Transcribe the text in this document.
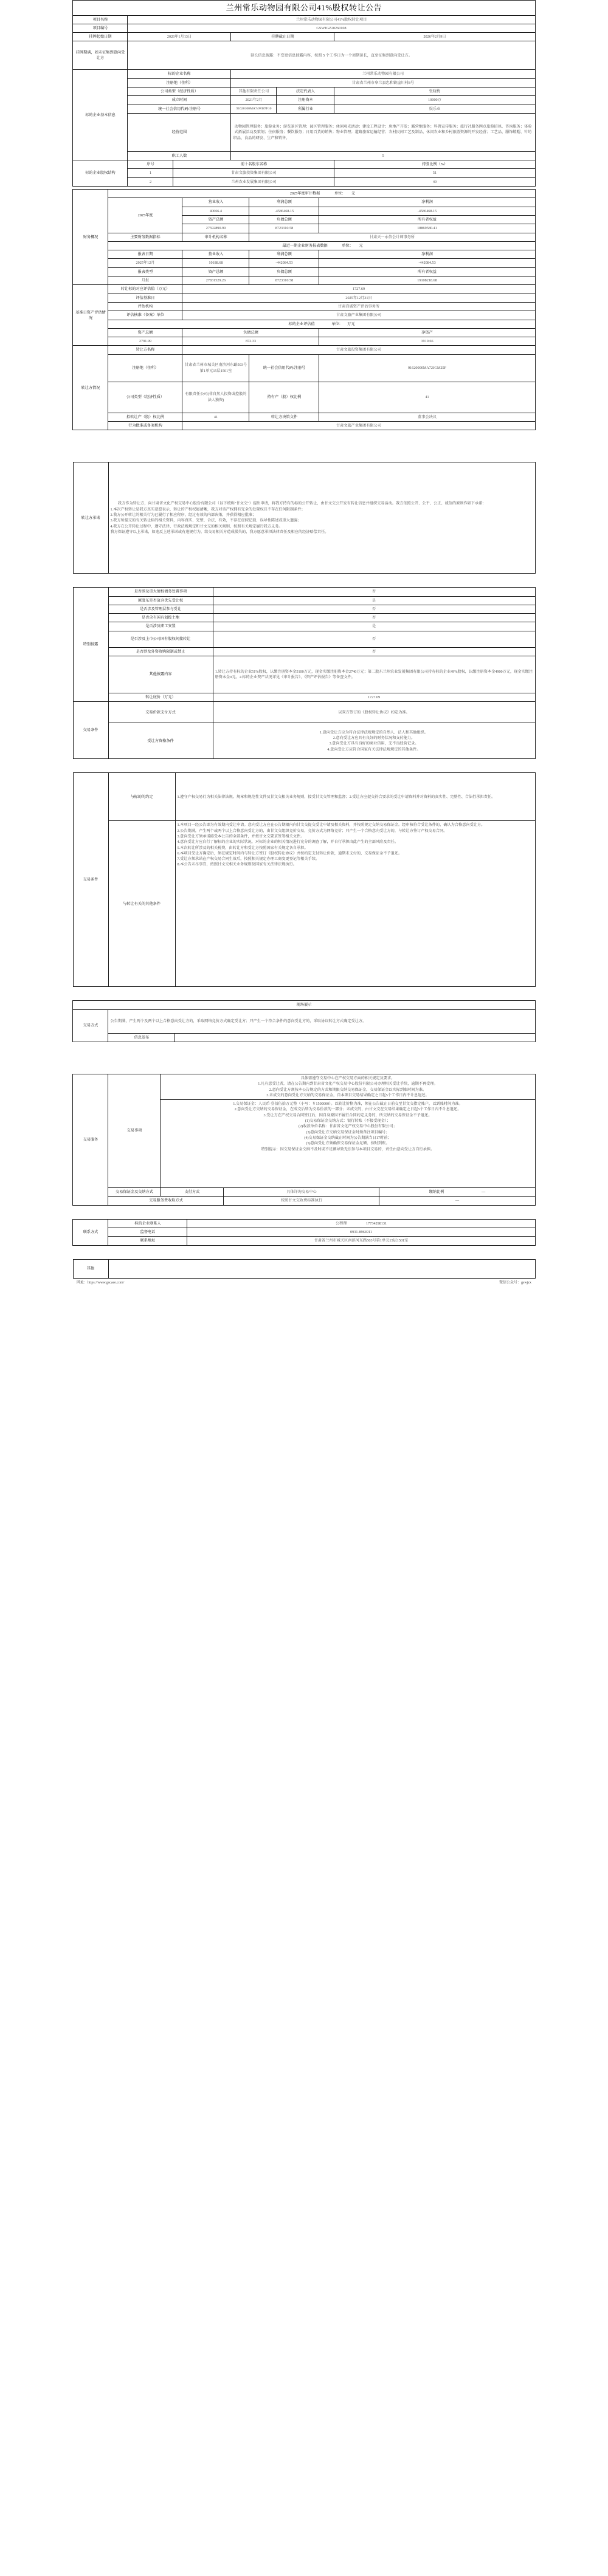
兰州常乐动物园有限公司41%股权转让公告					
项目名称	兰州常乐动物园有限公司41%股权转让项目				
项目编号	GSWJGZ20260108				
挂牌起始日期	2026年1月13日		挂牌截止日期		2026年2月9日
挂牌期满，如未征集到意向受让方	延长信息披露：不变更信息披露内容，按照 5 个工作日为一个周期延长，直至征集到意向受让方。				
标的企业基本信息	标的企业名称		兰州常乐动物园有限公司		
	注册地（住所）		甘肃省兰州市皋兰县忠和镇崖川村8号		
	公司类型（经济性质）		其他有限责任公司	法定代表人	张晓梅
	成立时间		2021年2月	注册资本	10000万
	统一社会信用代码/注册号		91620100MA74WH7F10	所属行业	娱乐业
	经营范围		动物园管理服务；旅游业务；游览景区管理；园区管理服务；休闲观光活动；建设工程设计；房地产开发；露营地服务；科普宣传服务；旅行社服务网点旅游招徕、咨询服务；体验式拓展活动及策划；住宿服务；餐饮服务；日用百货的销售；物业管理；道路旅客运输经营；农村民间工艺及制品、休闲农业和乡村旅游资源的开发经营；工艺品、服饰鞋帽、针纺织品、食品的研发、生产和销售。		
	职工人数		5		
标的企业股权结构	序号	前十名股东名称			持股比例（%）
	1	甘肃文旅投资集团有限公司			51
	2	兰州农业发展集团有限公司			49
财务概况	2025年度审计数据 单位： 元			
	2025年度	营业收入	利润总额	净利润
		40666.4	-4586468.15	-4586468.15
		资产总额	负债总额	所有者权益
		27592890.99	8723310.58	18869580.41
	主要财务数据指标	审计机构名称	甘肃天一永信会计师事务所	
	最近一期企业财务报表数据 单位： 元			
	报表日期	营业收入	利润总额	净利润
	2025年12月	10188.68	-442084.53	-442084.53
	报表类型	资产总额	负债总额	所有者权益
	月报	27831529.26	8723310.58	19108218.68
基准日资产评估情况	转让标的对应评估值（万元）	1727.69		
	评估基准日	2025年12月31日		
	评估机构	甘肃百诚资产评估事务所		
	评估核准（备案）单位	甘肃文旅产业集团有限公司		
	标的企业评估值 单位： 万元			
	资产总额	负债总额		净资产
	2791.99	872.33		1919.66
转让方情况	转让方名称	甘肃文旅投资集团有限公司		
	注册地（住所）	甘肃省兰州市城关区南滨河东路503号第1单元15层1501室	统一社会信用代码/注册号	91620000MA72JGM25F
	公司类型（经济性质）	有限责任公司(非自然人投资或控股的法人独资)	持有产（股）权比例	41
	拟转让产（股）权比例	41	转让方决策文件	董事会决议
	行为批准或备案机构	甘肃文旅产业集团有限公司		
转让方承诺	
我方作为转让方，向甘肃省文化产权交易中心股份有限公司（以下统称“甘文交”）提出申请，将我方持有的标的公开转让，由甘文交公开发布转让信息并组织交易活动。我方依照公开、公平、公正、诚信的原则作如下承诺：
1.本次产权转让是我方真实意愿表示，转让的产权权属清晰，我方对该产权拥有完全的处置权且不存在任何限制条件；
2.我方公开转让的相关行为已履行了相应程序，经过有效的内部决策，并获得相应批准；
3.我方所提交的有关转让标的相关资料，内容真实、完整、合法、有效，不存在虚假记载、误导性陈述或重大遗漏；
4.我方在公开转让过程中，遵守法律、行政法规规定和甘文交的相关规则，按照有关规定履行我方义务。
我方保证遵守以上承诺，如违反上述承诺或有违规行为，给交易相关方造成损失的，我方愿意承担法律责任及相应的经济赔偿责任。
特别披露	是否涉及重大债权债务处置事项	否
	原股东是否放弃优先受让权	是
	是否涉及管理层参与受让	否
	是否含有国有划拨土地	否
	是否涉及职工安置	是
	是否涉及上市公司国有股权间接转让	否
	是否涉及外资收购限制或禁止	否
	其他披露内容	1.转让方持有标的企业51%股权，认缴注册资本金5100万元，现金实缴注册资本金2740万元；第二股东兰州农业发展集团有限公司持有标的企业49%股权，认缴注册资本金4900万元，现金实缴注册资本金0元。2.标的企业资产状况详见《审计报告》、《资产评估报告》等备查文件。
	转让底价（万元）	1727.69
交易条件	交易价款支付方式	以双方签订的《股权转让协议》约定为准。
	受让方资格条件	1.意向受让方应为符合法律法规规定的自然人、法人和其他组织。
2.意向受让方应具有良好的财务状况和支付能力。
3.意向受让方具有良好的商业信用，无不良经营记录。
4.意向受让方应符合国家有关法律法规规定的其他条件。
交易条件	与标的的约定	1.遵守产权交易行为相关法律法规、规章和规范性文件及甘文交相关业务规则，接受甘文交管理和监督；2.受让方应提交符合要求的受让申请资料并对资料的真实性、完整性、合法性承担责任。
与转让有关的其他条件	
1.本项目一经公告即为有效期内受让申请。意向受让方应在公告期限内向甘文交提交受让申请及相关资料，并按照规定交纳交易保证金。经审核符合受让条件的，确认为合格意向受让方。
2.公告期满，产生两个或两个以上合格意向受让方的，由甘文交组织竞价交易，竞价方式为网络竞价；只产生一个合格意向受让方的，与转让方签订产权交易合同。
3.意向受让方须承诺接受本公告的全部条件，并按甘文交要求签署相关文件。
4.意向受让方应自行了解标的企业的实际状况，对标的企业的相关情况进行充分的调查了解，并自行承担由此产生的全部风险及责任。
5.本次转让所涉及的相关税费，由转让方和受让方按照国家有关规定各自承担。
6.本项目受让方确定后，须在规定时间内与转让方签订《股权转让协议》并按约定支付转让价款，逾期未支付的，交易保证金不予退还。
7.受让方须承诺在产权交易合同生效后，按照相关规定办理工商变更登记等相关手续。
8.本公告未尽事宜，按照甘文交相关业务规则及国家有关法律法规执行。
现场展示		
交易方式	公告期满，产生两个及两个以上合格意向受让方的，采取网络竞价方式确定受让方；只产生一个符合条件的意向受让方的，采取协议转让方式确定受让方。	
	信息发布	
交易服务	交易事项	具体需遵守交易中心在产权交易方面的相关规定及要求。
1.凡有意受让者，请在公告期内到甘肃省文化产权交易中心股份有限公司办理相关受让手续，逾期不再受理。
2.意向受让方须按本公告规定的方式和期限交纳交易保证金，交易保证金以实际到账时间为准。
3.未成交的意向受让方交纳的交易保证金，自本项目交易结果确定之日起5个工作日内不计息退还。		

1.交易保证金：人民币 壹佰伍拾万元整（小写：￥1500000）。以转让价格为准，须在公告截止日前交至甘文交指定账户，以到账时间为准。
2.意向受让方交纳的交易保证金，在成交后转为交易价款的一部分；未成交的，由甘文交在交易结果确定之日起5个工作日内不计息退还。
3.受让方在产权交易合同签订后，因自身原因不履行合同约定义务的，所交纳的交易保证金不予退还。
(1)交易保证金交纳方式：银行转账（不接受现金）；
(2)收款单位名称：甘肃省文化产权交易中心股份有限公司；
(3)意向受让方交纳交易保证金时须备注项目编号；
(4)交易保证金交纳截止时间为公告期满当日17时前；
(5)意向受让方须确保交易保证金足额、按时到账。
特别提示：因交易保证金交纳不及时或不足额导致无法参与本项目交易的，责任由意向受让方自行承担。

	交易保证金及交纳方式	支付方式	具体详询交易中心	缴纳比例 —
	交易服务费收取方式		按照甘文交收费标准执行	—
联系方式	标的企业联系人	公程理 17734298131
	监督电话	0931-8964911
	联系地址	甘肃省兰州市城关区南滨河东路503号第1单元15层1501室
其他	
网址：https://www.gscaee.com/	微信公众号：gswjzx
